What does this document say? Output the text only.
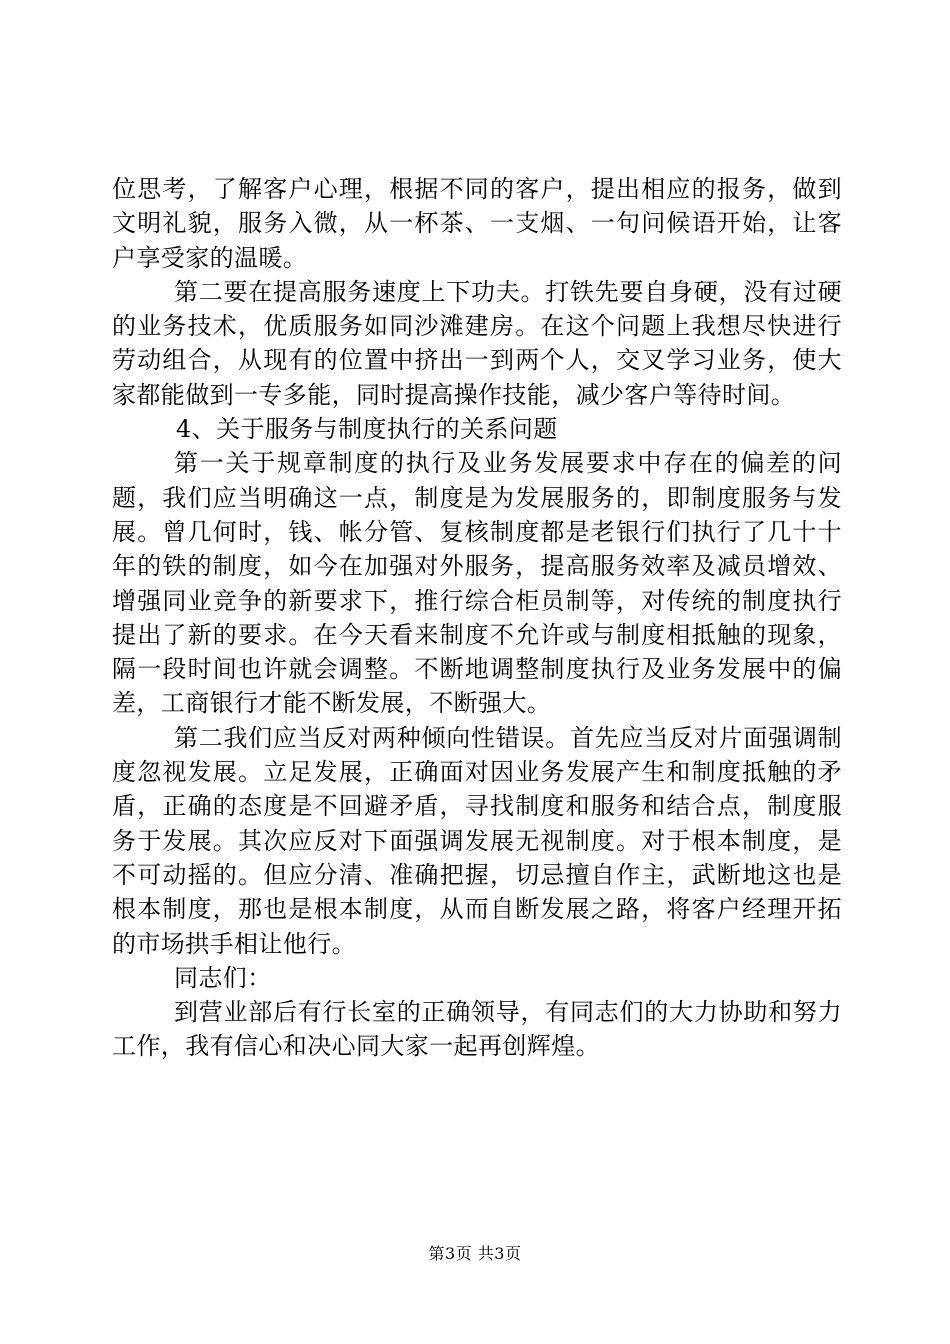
位思考，了解客户心理，根据不同的客户，提出相应的报务，做到文明礼貌，服务入微，从一杯茶、一支烟、一句问候语开始，让客户享受家的温暖。

第二要在提高服务速度上下功夫。打铁先要自身硬，没有过硬的业务技术，优质服务如同沙滩建房。在这个问题上我想尽快进行劳动组合，从现有的位置中挤出一到两个人，交叉学习业务，使大家都能做到一专多能，同时提高操作技能，减少客户等待时间。

4、关于服务与制度执行的关系问题

第一关于规章制度的执行及业务发展要求中存在的偏差的问题，我们应当明确这一点，制度是为发展服务的，即制度服务与发展。曾几何时，钱、帐分管、复核制度都是老银行们执行了几十十年的铁的制度，如今在加强对外服务，提高服务效率及减员增效、增强同业竞争的新要求下，推行综合柜员制等，对传统的制度执行提出了新的要求。在今天看来制度不允许或与制度相抵触的现象，隔一段时间也许就会调整。不断地调整制度执行及业务发展中的偏差，工商银行才能不断发展，不断强大。

第二我们应当反对两种倾向性错误。首先应当反对片面强调制度忽视发展。立足发展，正确面对因业务发展产生和制度抵触的矛盾，正确的态度是不回避矛盾，寻找制度和服务和结合点，制度服务于发展。其次应反对下面强调发展无视制度。对于根本制度，是不可动摇的。但应分清、准确把握，切忌擅自作主，武断地这也是根本制度，那也是根本制度，从而自断发展之路，将客户经理开拓的市场拱手相让他行。

同志们：

到营业部后有行长室的正确领导，有同志们的大力协助和努力工作，我有信心和决心同大家一起再创辉煌。

第3页 共3页
